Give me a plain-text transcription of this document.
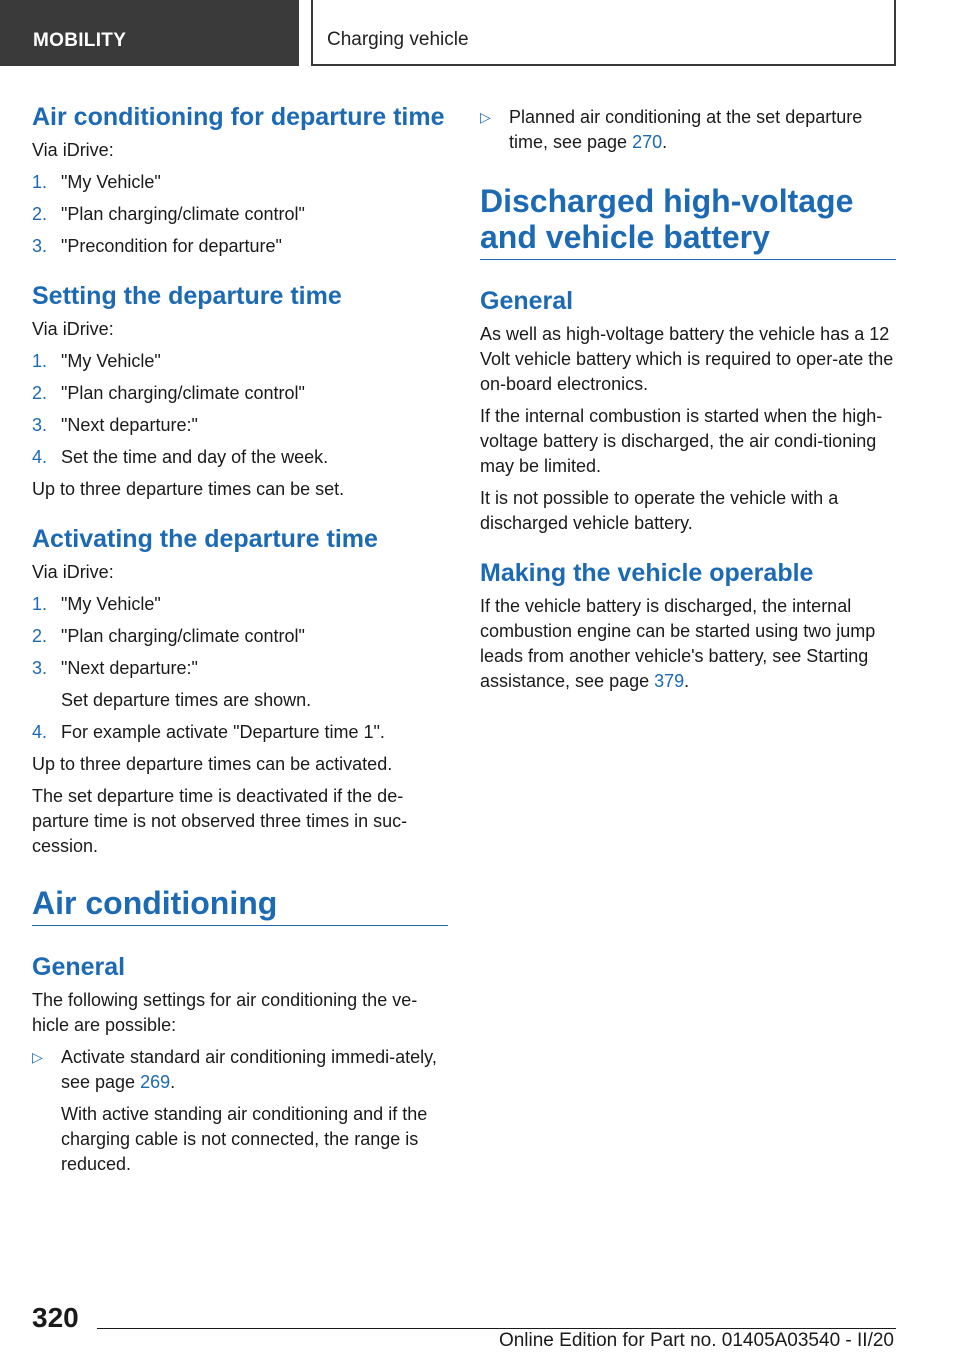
MOBILITY	Charging vehicle
Air conditioning for departure time

Via iDrive:

1. "My Vehicle"
2. "Plan charging/climate control"
3. "Precondition for departure"
Setting the departure time

Via iDrive:

1. "My Vehicle"
2. "Plan charging/climate control"
3. "Next departure:"
4. Set the time and day of the week.

Up to three departure times can be set.

Activating the departure time

Via iDrive:

1. "My Vehicle"
2. "Plan charging/climate control"
3. "Next departure:"
Set departure times are shown.
4. For example activate "Departure time 1".

Up to three departure times can be activated.

The set departure time is deactivated if the de-parture time is not observed three times in suc-cession.

Air conditioning
General

The following settings for air conditioning the ve-hicle are possible:

▷ Activate standard air conditioning immedi-ately, see page 269.
With active standing air conditioning and if the charging cable is not connected, the range is reduced.
▷ Planned air conditioning at the set departure time, see page 270.
Discharged high-voltage and vehicle battery
General

As well as high-voltage battery the vehicle has a 12 Volt vehicle battery which is required to oper-ate the on-board electronics.

If the internal combustion is started when the high-voltage battery is discharged, the air condi-tioning may be limited.

It is not possible to operate the vehicle with a discharged vehicle battery.

Making the vehicle operable

If the vehicle battery is discharged, the internal combustion engine can be started using two jump leads from another vehicle's battery, see Starting assistance, see page 379.

320
Online Edition for Part no. 01405A03540 - II/20
